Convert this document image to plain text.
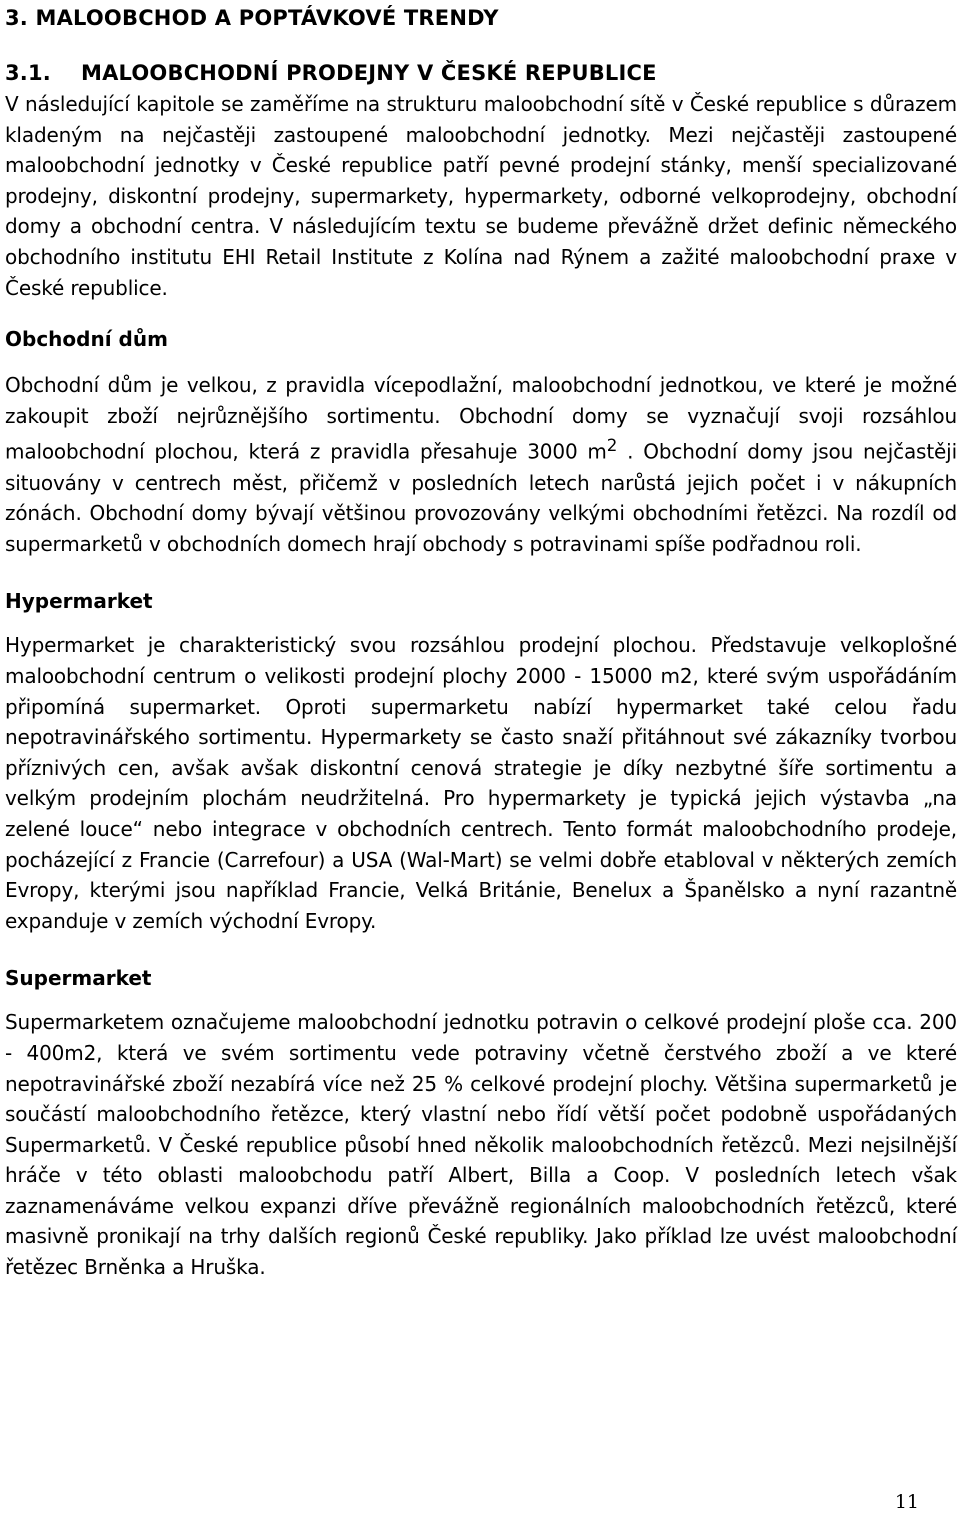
3. MALOOBCHOD A POPTÁVKOVÉ TRENDY
3.1. MALOOBCHODNÍ PRODEJNY V ČESKÉ REPUBLICE

V následující kapitole se zaměříme na strukturu maloobchodní sítě v České republice s důrazem kladeným na nejčastěji zastoupené maloobchodní jednotky. Mezi nejčastěji zastoupené maloobchodní jednotky v České republice patří pevné prodejní stánky, menší specializované prodejny, diskontní prodejny, supermarkety, hypermarkety, odborné velkoprodejny, obchodní domy a obchodní centra. V následujícím textu se budeme převážně držet definic německého obchodního institutu EHI Retail Institute z Kolína nad Rýnem a zažité maloobchodní praxe v České republice.

Obchodní dům

Obchodní dům je velkou, z pravidla vícepodlažní, maloobchodní jednotkou, ve které je možné zakoupit zboží nejrůznějšího sortimentu. Obchodní domy se vyznačují svoji rozsáhlou maloobchodní plochou, která z pravidla přesahuje 3000 $m^2$ . Obchodní domy jsou nejčastěji situovány v centrech měst, přičemž v posledních letech narůstá jejich počet i v nákupních zónách. Obchodní domy bývají většinou provozovány velkými obchodními řetězci. Na rozdíl od supermarketů v obchodních domech hrají obchody s potravinami spíše podřadnou roli.

Hypermarket

Hypermarket je charakteristický svou rozsáhlou prodejní plochou. Představuje velkoplošné maloobchodní centrum o velikosti prodejní plochy 2000 - 15000 m2, které svým uspořádáním připomíná supermarket. Oproti supermarketu nabízí hypermarket také celou řadu nepotravinářského sortimentu. Hypermarkety se často snaží přitáhnout své zákazníky tvorbou příznivých cen, avšak avšak diskontní cenová strategie je díky nezbytné šíře sortimentu a velkým prodejním plochám neudržitelná. Pro hypermarkety je typická jejich výstavba „na zelené louce“ nebo integrace v obchodních centrech. Tento formát maloobchodního prodeje, pocházející z Francie (Carrefour) a USA (Wal-Mart) se velmi dobře etabloval v některých zemích Evropy, kterými jsou například Francie, Velká Británie, Benelux a Španělsko a nyní razantně expanduje v zemích východní Evropy.

Supermarket

Supermarketem označujeme maloobchodní jednotku potravin o celkové prodejní ploše cca. 200 - 400m2, která ve svém sortimentu vede potraviny včetně čerstvého zboží a ve které nepotravinářské zboží nezabírá více než 25 % celkové prodejní plochy. Většina supermarketů je součástí maloobchodního řetězce, který vlastní nebo řídí větší počet podobně uspořádaných Supermarketů. V České republice působí hned několik maloobchodních řetězců. Mezi nejsilnější hráče v této oblasti maloobchodu patří Albert, Billa a Coop. V posledních letech však zaznamenáváme velkou expanzi dříve převážně regionálních maloobchodních řetězců, které masivně pronikají na trhy dalších regionů České republiky. Jako příklad lze uvést maloobchodní řetězec Brněnka a Hruška.

11
